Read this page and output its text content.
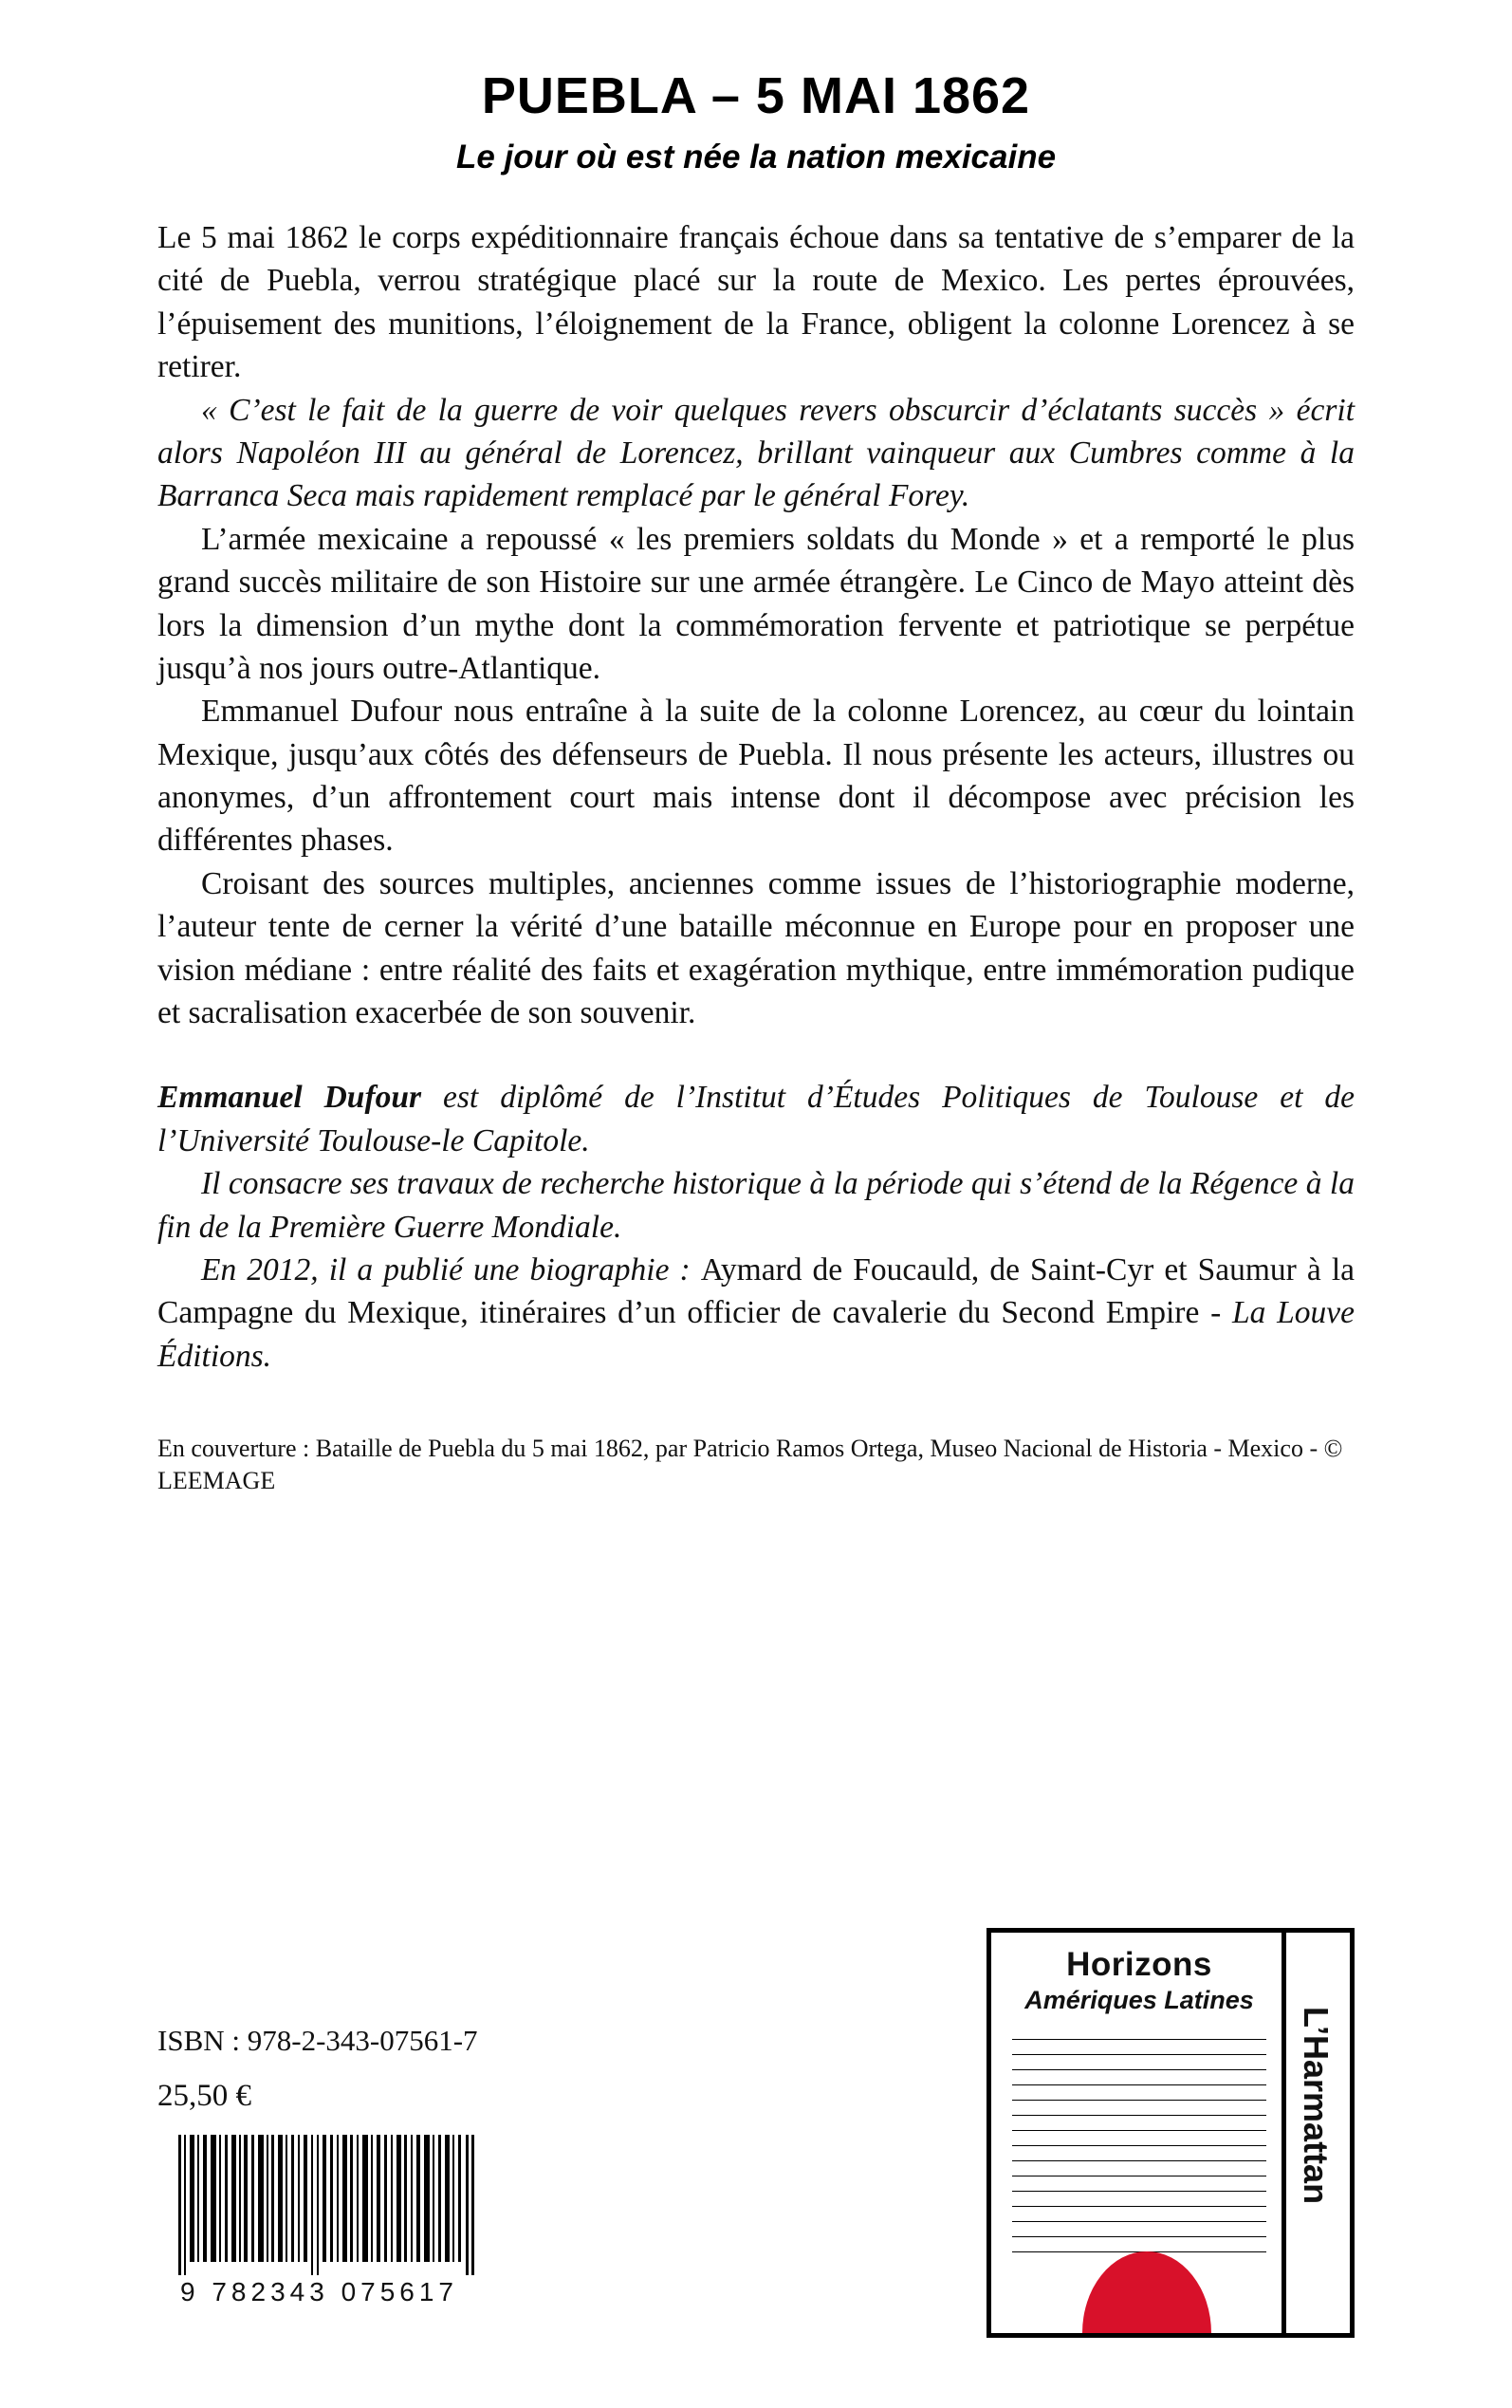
PUEBLA – 5 MAI 1862
Le jour où est née la nation mexicaine

Le 5 mai 1862 le corps expéditionnaire français échoue dans sa tentative de s’emparer de la cité de Puebla, verrou stratégique placé sur la route de Mexico. Les pertes éprouvées, l’épuisement des munitions, l’éloignement de la France, obligent la colonne Lorencez à se retirer.

« C’est le fait de la guerre de voir quelques revers obscurcir d’éclatants succès » écrit alors Napoléon III au général de Lorencez, brillant vainqueur aux Cumbres comme à la Barranca Seca mais rapidement remplacé par le général Forey.

L’armée mexicaine a repoussé « les premiers soldats du Monde » et a remporté le plus grand succès militaire de son Histoire sur une armée étrangère. Le Cinco de Mayo atteint dès lors la dimension d’un mythe dont la commémoration fervente et patriotique se perpétue jusqu’à nos jours outre-Atlantique.

Emmanuel Dufour nous entraîne à la suite de la colonne Lorencez, au cœur du lointain Mexique, jusqu’aux côtés des défenseurs de Puebla. Il nous présente les acteurs, illustres ou anonymes, d’un affrontement court mais intense dont il décompose avec précision les différentes phases.

Croisant des sources multiples, anciennes comme issues de l’historiographie moderne, l’auteur tente de cerner la vérité d’une bataille méconnue en Europe pour en proposer une vision médiane : entre réalité des faits et exagération mythique, entre immémoration pudique et sacralisation exacerbée de son souvenir.

Emmanuel Dufour est diplômé de l’Institut d’Études Politiques de Toulouse et de l’Université Toulouse-le Capitole.

Il consacre ses travaux de recherche historique à la période qui s’étend de la Régence à la fin de la Première Guerre Mondiale.

En 2012, il a publié une biographie : Aymard de Foucauld, de Saint-Cyr et Saumur à la Campagne du Mexique, itinéraires d’un officier de cavalerie du Second Empire - La Louve Éditions.

En couverture : Bataille de Puebla du 5 mai 1862, par Patricio Ramos Ortega, Museo Nacional de Historia - Mexico - © LEEMAGE
ISBN : 978-2-343-07561-7
25,50 €
9 782343 075617
Horizons
Amériques Latines
L’Harmattan
